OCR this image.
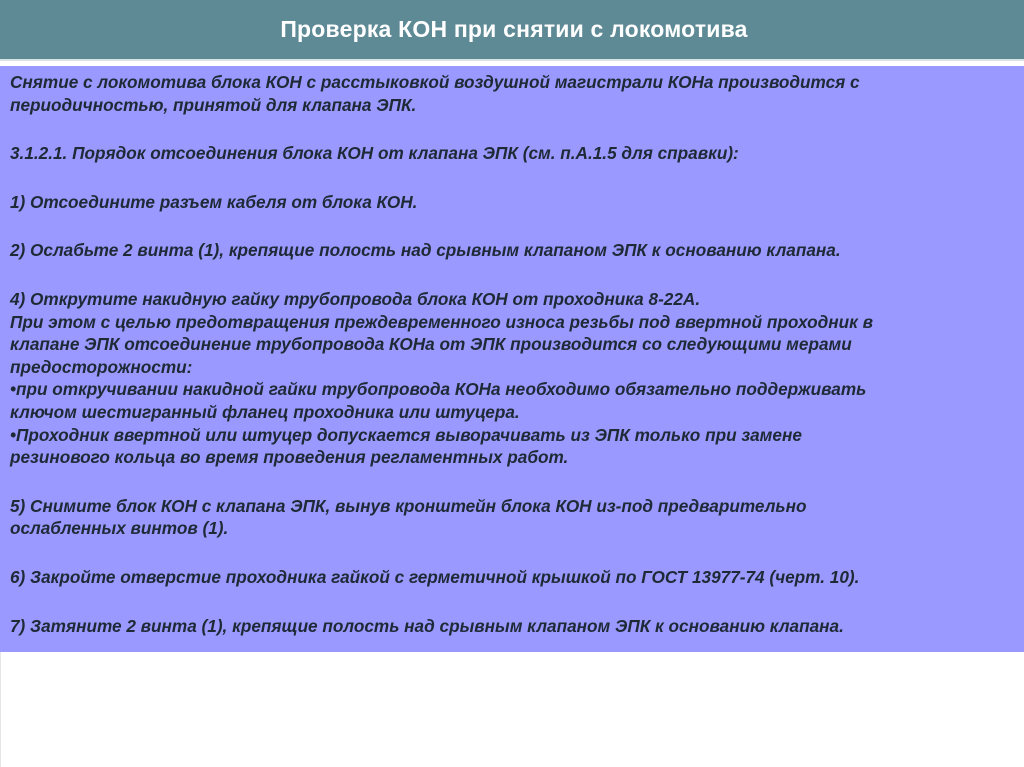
Проверка КОН при снятии с локомотива

Снятие с локомотива блока КОН с расстыковкой воздушной магистрали КОНа производится с

периодичностью, принятой для клапана ЭПК.

3.1.2.1. Порядок отсоединения блока КОН от клапана ЭПК (см. п.А.1.5 для справки):

1) Отсоедините разъем кабеля от блока КОН.

2) Ослабьте 2 винта (1), крепящие полость над срывным клапаном ЭПК к основанию клапана.

4) Открутите накидную гайку трубопровода блока КОН от проходника 8-22А.

При этом с целью предотвращения преждевременного износа резьбы под ввертной проходник в

клапане ЭПК отсоединение трубопровода КОНа от ЭПК производится со следующими мерами

предосторожности:

•при откручивании накидной гайки трубопровода КОНа необходимо обязательно поддерживать

ключом шестигранный фланец проходника или штуцера.

•Проходник ввертной или штуцер допускается выворачивать из ЭПК только при замене

резинового кольца во время проведения регламентных работ.

5) Снимите блок КОН с клапана ЭПК, вынув кронштейн блока КОН из-под предварительно

ослабленных винтов (1).

6) Закройте отверстие проходника гайкой с герметичной крышкой по ГОСТ 13977-74 (черт. 10).

7) Затяните 2 винта (1), крепящие полость над срывным клапаном ЭПК к основанию клапана.
